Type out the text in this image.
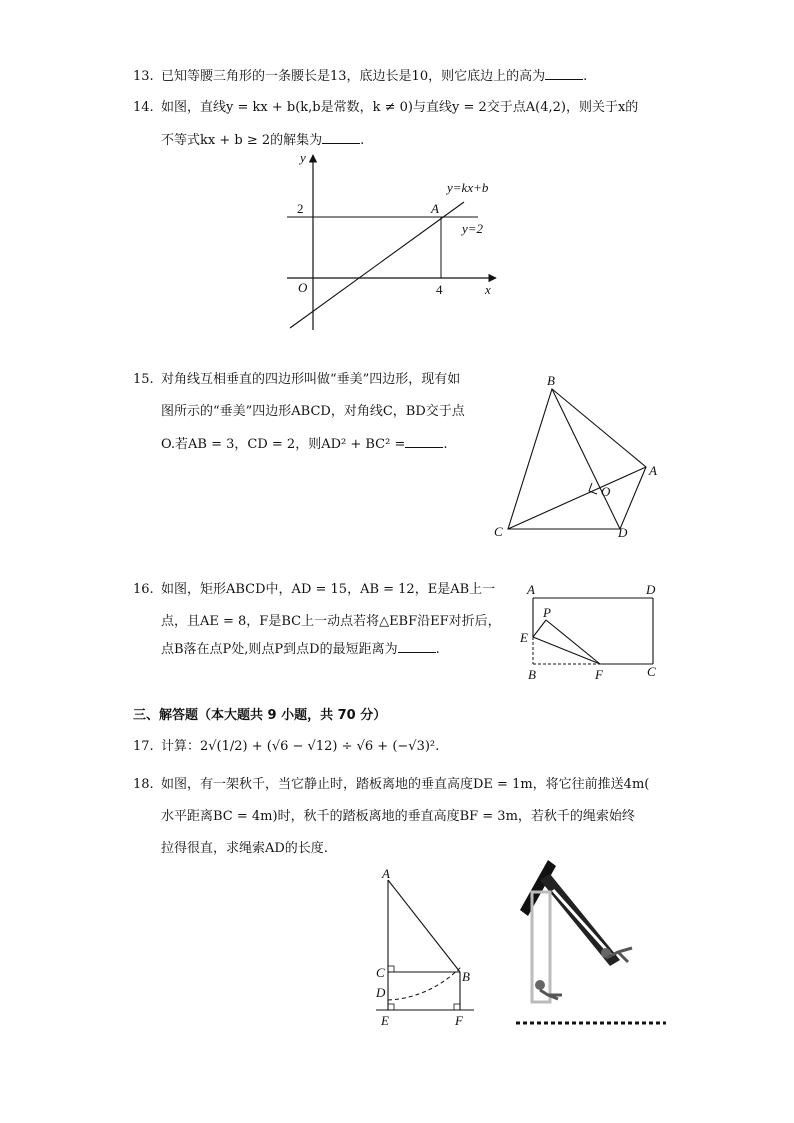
13. 已知等腰三角形的一条腰长是13，底边长是10，则它底边上的高为	.
14. 如图，直线y = kx + b(k,b是常数，k ≠ 0)与直线y = 2交于点A(4,2)，则关于x的
不等式kx + b ≥ 2的解集为	.
y
x
O
2
4
A
y=kx+b
y=2
15. 对角线互相垂直的四边形叫做“垂美”四边形，现有如
图所示的“垂美”四边形ABCD，对角线C，BD交于点
O.若AB = 3，CD = 2，则AD² + BC² =	.
B
A
C	D
O
16. 如图，矩形ABCD中，AD = 15，AB = 12，E是AB上一
点，且AE = 8，F是BC上一动点若将△EBF沿EF对折后，
点B落在点P处,则点P到点D的最短距离为	.
A	D
P
E
B	F	C
三、解答题（本大题共 9 小题，共 70 分）
17. 计算：2√(1/2) + (√6 − √12) ÷ √6 + (−√3)².
18. 如图，有一架秋千，当它静止时，踏板离地的垂直高度DE = 1m，将它往前推送4m(
水平距离BC = 4m)时，秋千的踏板离地的垂直高度BF = 3m，若秋千的绳索始终
拉得很直，求绳索AD的长度.
A
C	B
D
E	F
